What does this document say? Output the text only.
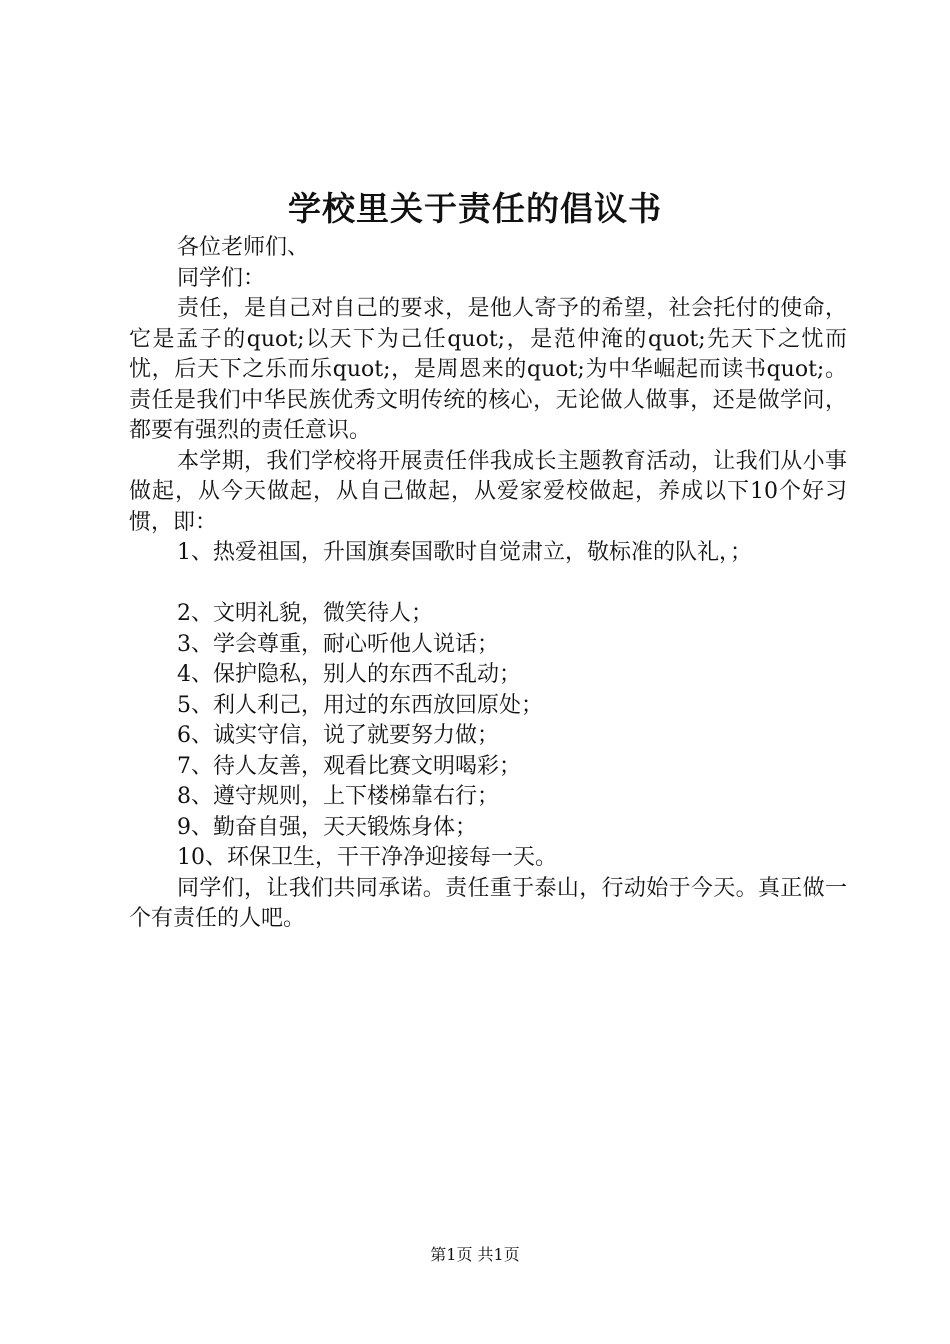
学校里关于责任的倡议书

各位老师们、

同学们：

责任，是自己对自己的要求，是他人寄予的希望，社会托付的使命，它是孟子的quot;以天下为己任quot;，是范仲淹的quot;先天下之忧而忧，后天下之乐而乐quot;，是周恩来的quot;为中华崛起而读书quot;。责任是我们中华民族优秀文明传统的核心，无论做人做事，还是做学问，都要有强烈的责任意识。

本学期，我们学校将开展责任伴我成长主题教育活动，让我们从小事做起，从今天做起，从自己做起，从爱家爱校做起，养成以下10个好习惯，即：

1、热爱祖国，升国旗奏国歌时自觉肃立，敬标准的队礼，；

2、文明礼貌，微笑待人；

3、学会尊重，耐心听他人说话；

4、保护隐私，别人的东西不乱动；

5、利人利己，用过的东西放回原处；

6、诚实守信，说了就要努力做；

7、待人友善，观看比赛文明喝彩；

8、遵守规则，上下楼梯靠右行；

9、勤奋自强，天天锻炼身体；

10、环保卫生，干干净净迎接每一天。

同学们，让我们共同承诺。责任重于泰山，行动始于今天。真正做一个有责任的人吧。

第1页 共1页
